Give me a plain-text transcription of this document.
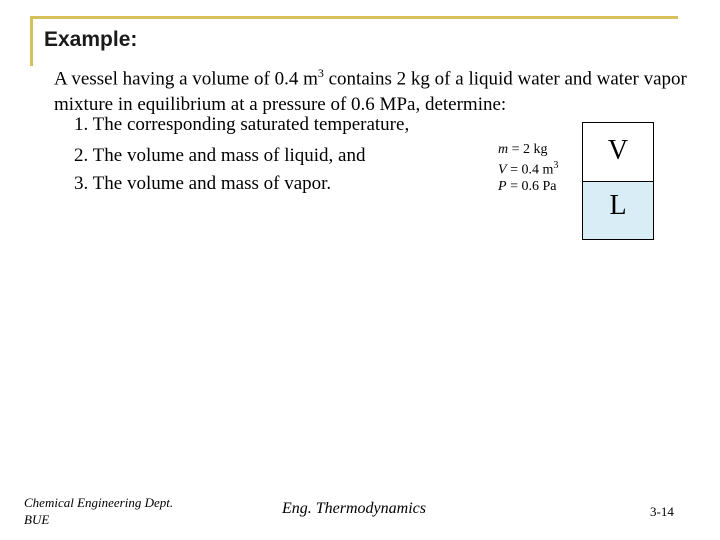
Example:
A vessel having a volume of 0.4 $m^3$ contains 2 kg of a liquid water and water vapor mixture in equilibrium at a pressure of 0.6 MPa, determine:
1. The corresponding saturated temperature,
2. The volume and mass of liquid, and
3. The volume and mass of vapor.
m = 2 kg
V = 0.4 $m^3$
P = 0.6 Pa
V
L
Chemical Engineering Dept.
BUE
Eng. Thermodynamics	3-14
